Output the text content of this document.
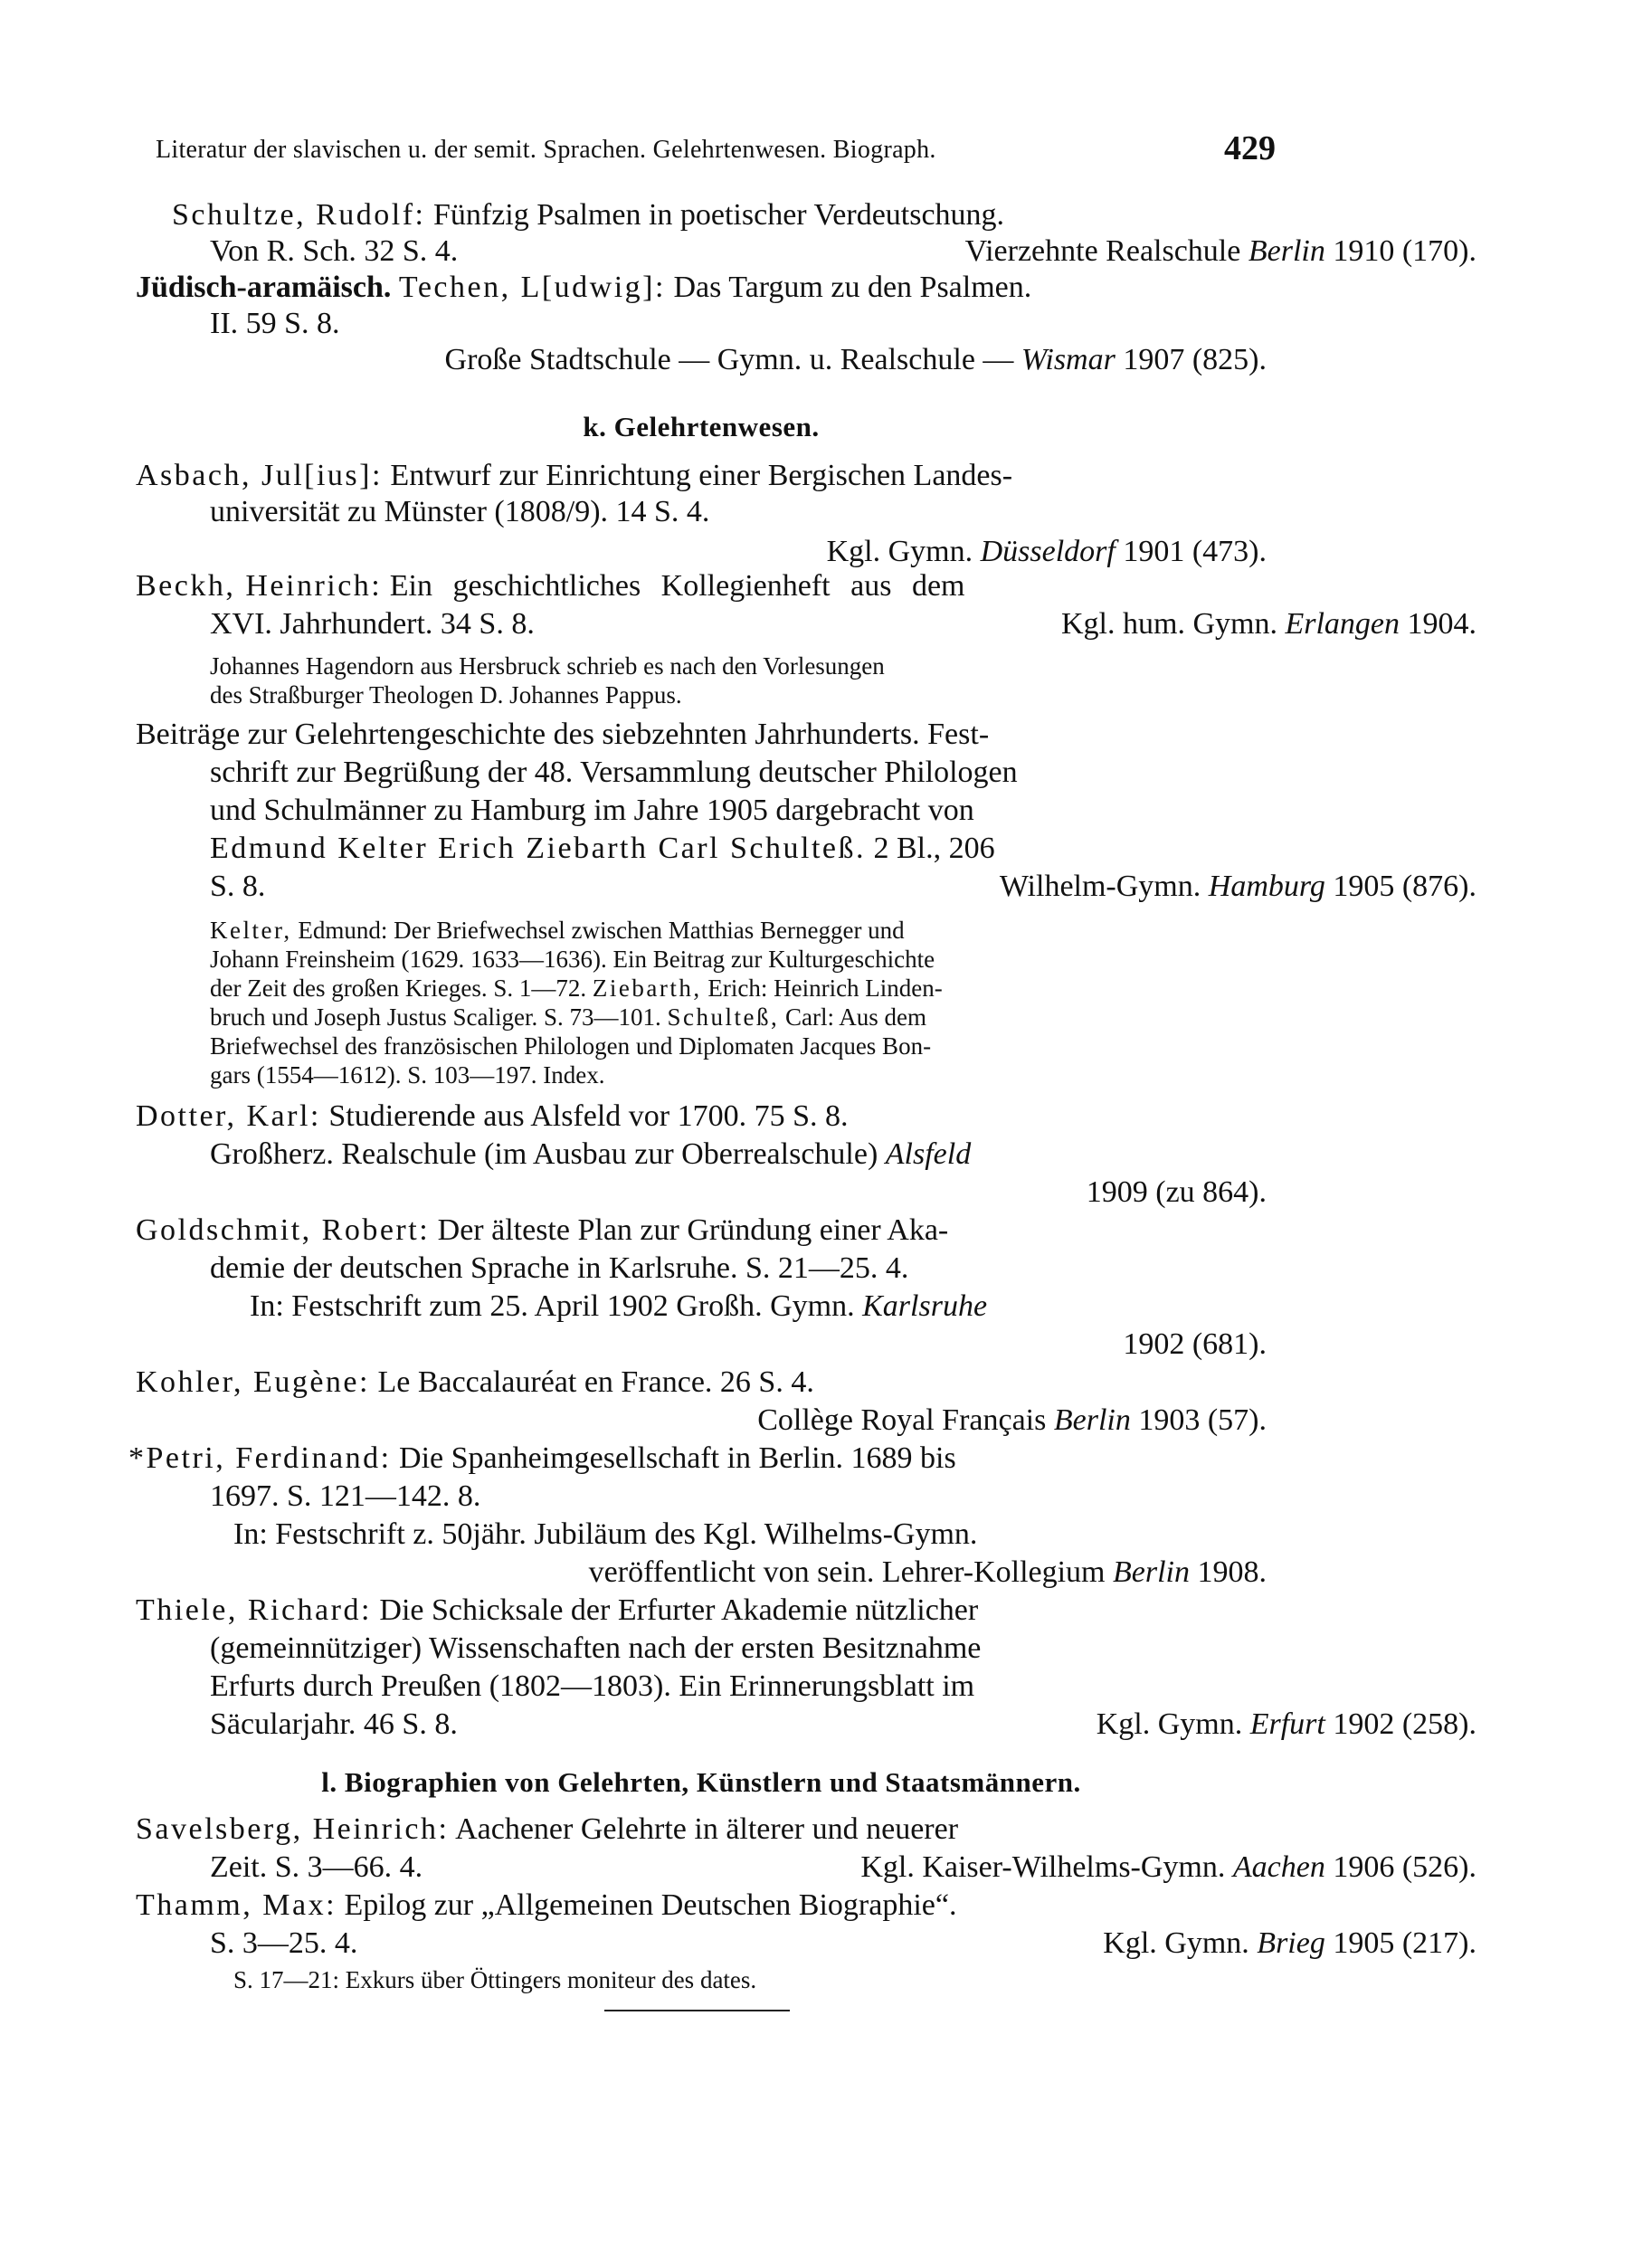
Literatur der slavischen u. der semit. Sprachen. Gelehrtenwesen. Biograph.	429
Schultze, Rudolf: Fünfzig Psalmen in poetischer Verdeutschung.
Von R. Sch. 32 S. 4.	Vierzehnte Realschule Berlin 1910 (170).
Jüdisch-aramäisch. Techen, L[udwig]: Das Targum zu den Psalmen.
II. 59 S. 8.
Große Stadtschule — Gymn. u. Realschule — Wismar 1907 (825).
k. Gelehrtenwesen.
Asbach, Jul[ius]: Entwurf zur Einrichtung einer Bergischen Landes-
universität zu Münster (1808/9). 14 S. 4.
Kgl. Gymn. Düsseldorf 1901 (473).
Beckh, Heinrich: Ein geschichtliches Kollegienheft aus dem
XVI. Jahrhundert. 34 S. 8.	Kgl. hum. Gymn. Erlangen 1904.
Johannes Hagendorn aus Hersbruck schrieb es nach den Vorlesungen
des Straßburger Theologen D. Johannes Pappus.
Beiträge zur Gelehrtengeschichte des siebzehnten Jahrhunderts. Fest-
schrift zur Begrüßung der 48. Versammlung deutscher Philologen
und Schulmänner zu Hamburg im Jahre 1905 dargebracht von
Edmund Kelter Erich Ziebarth Carl Schulteß. 2 Bl., 206
S. 8.	Wilhelm-Gymn. Hamburg 1905 (876).
Kelter, Edmund: Der Briefwechsel zwischen Matthias Bernegger und
Johann Freinsheim (1629. 1633—1636). Ein Beitrag zur Kulturgeschichte
der Zeit des großen Krieges. S. 1—72. Ziebarth, Erich: Heinrich Linden-
bruch und Joseph Justus Scaliger. S. 73—101. Schulteß, Carl: Aus dem
Briefwechsel des französischen Philologen und Diplomaten Jacques Bon-
gars (1554—1612). S. 103—197. Index.
Dotter, Karl: Studierende aus Alsfeld vor 1700. 75 S. 8.
Großherz. Realschule (im Ausbau zur Oberrealschule) Alsfeld
1909 (zu 864).
Goldschmit, Robert: Der älteste Plan zur Gründung einer Aka-
demie der deutschen Sprache in Karlsruhe. S. 21—25. 4.
In: Festschrift zum 25. April 1902 Großh. Gymn. Karlsruhe
1902 (681).
Kohler, Eugène: Le Baccalauréat en France. 26 S. 4.
Collège Royal Français Berlin 1903 (57).
*Petri, Ferdinand: Die Spanheimgesellschaft in Berlin. 1689 bis
1697. S. 121—142. 8.
In: Festschrift z. 50jähr. Jubiläum des Kgl. Wilhelms-Gymn.
veröffentlicht von sein. Lehrer-Kollegium Berlin 1908.
Thiele, Richard: Die Schicksale der Erfurter Akademie nützlicher
(gemeinnütziger) Wissenschaften nach der ersten Besitznahme
Erfurts durch Preußen (1802—1803). Ein Erinnerungsblatt im
Säcularjahr. 46 S. 8.	Kgl. Gymn. Erfurt 1902 (258).
l. Biographien von Gelehrten, Künstlern und Staatsmännern.
Savelsberg, Heinrich: Aachener Gelehrte in älterer und neuerer
Zeit. S. 3—66. 4.	Kgl. Kaiser-Wilhelms-Gymn. Aachen 1906 (526).
Thamm, Max: Epilog zur „Allgemeinen Deutschen Biographie“.
S. 3—25. 4.	Kgl. Gymn. Brieg 1905 (217).
S. 17—21: Exkurs über Öttingers moniteur des dates.
